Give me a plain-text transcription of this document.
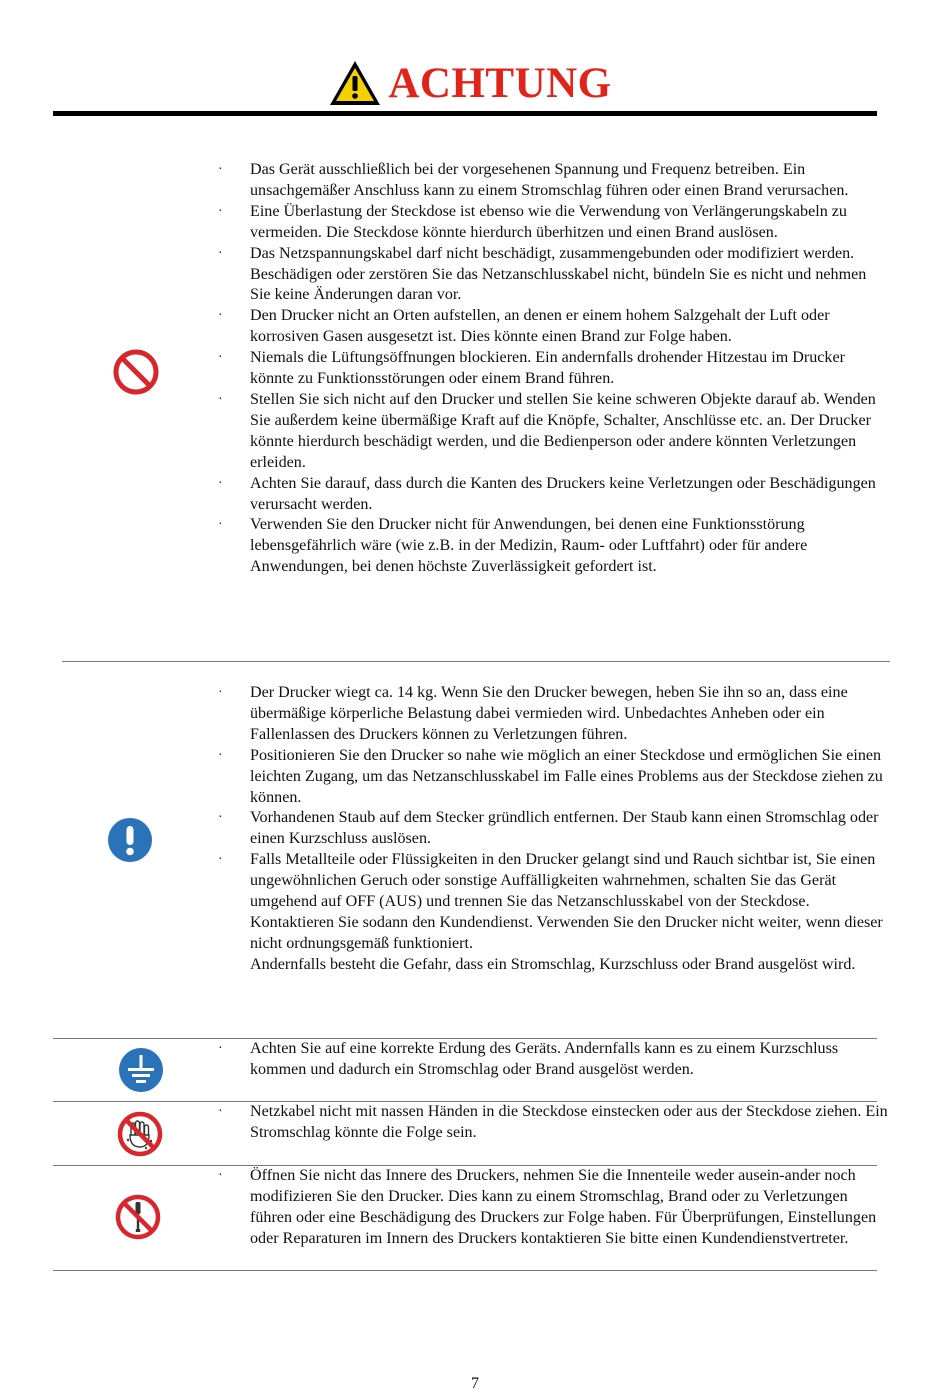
ACHTUNG
· Das Gerät ausschließlich bei der vorgesehenen Spannung und Frequenz betreiben. Ein unsachgemäßer Anschluss kann zu einem Stromschlag führen oder einen Brand verursachen.
· Eine Überlastung der Steckdose ist ebenso wie die Verwendung von Verlängerungskabeln zu vermeiden. Die Steckdose könnte hierdurch überhitzen und einen Brand auslösen.
· Das Netzspannungskabel darf nicht beschädigt, zusammengebunden oder modifiziert werden. Beschädigen oder zerstören Sie das Netzanschlusskabel nicht, bündeln Sie es nicht und nehmen Sie keine Änderungen daran vor.
· Den Drucker nicht an Orten aufstellen, an denen er einem hohem Salzgehalt der Luft oder korrosiven Gasen ausgesetzt ist. Dies könnte einen Brand zur Folge haben.
· Niemals die Lüftungsöffnungen blockieren. Ein andernfalls drohender Hitzestau im Drucker könnte zu Funktionsstörungen oder einem Brand führen.
· Stellen Sie sich nicht auf den Drucker und stellen Sie keine schweren Objekte darauf ab. Wenden Sie außerdem keine übermäßige Kraft auf die Knöpfe, Schalter, Anschlüsse etc. an. Der Drucker könnte hierdurch beschädigt werden, und die Bedienperson oder andere könnten Verletzungen erleiden.
· Achten Sie darauf, dass durch die Kanten des Druckers keine Verletzungen oder Beschädigungen verursacht werden.
· Verwenden Sie den Drucker nicht für Anwendungen, bei denen eine Funktionsstörung lebensgefährlich wäre (wie z.B. in der Medizin, Raum- oder Luftfahrt) oder für andere Anwendungen, bei denen höchste Zuverlässigkeit gefordert ist.
· Der Drucker wiegt ca. 14 kg. Wenn Sie den Drucker bewegen, heben Sie ihn so an, dass eine übermäßige körperliche Belastung dabei vermieden wird. Unbedachtes Anheben oder ein Fallenlassen des Druckers können zu Verletzungen führen.
· Positionieren Sie den Drucker so nahe wie möglich an einer Steckdose und ermöglichen Sie einen leichten Zugang, um das Netzanschlusskabel im Falle eines Problems aus der Steckdose ziehen zu können.
· Vorhandenen Staub auf dem Stecker gründlich entfernen. Der Staub kann einen Stromschlag oder einen Kurzschluss auslösen.
· Falls Metallteile oder Flüssigkeiten in den Drucker gelangt sind und Rauch sichtbar ist, Sie einen ungewöhnlichen Geruch oder sonstige Auffälligkeiten wahrnehmen, schalten Sie das Gerät umgehend auf OFF (AUS) und trennen Sie das Netzanschlusskabel von der Steckdose. Kontaktieren Sie sodann den Kundendienst. Verwenden Sie den Drucker nicht weiter, wenn dieser nicht ordnungsgemäß funktioniert.
Andernfalls besteht die Gefahr, dass ein Stromschlag, Kurzschluss oder Brand ausgelöst wird.
· Achten Sie auf eine korrekte Erdung des Geräts. Andernfalls kann es zu einem Kurzschluss kommen und dadurch ein Stromschlag oder Brand ausgelöst werden.
· Netzkabel nicht mit nassen Händen in die Steckdose einstecken oder aus der Steckdose ziehen. Ein Stromschlag könnte die Folge sein.
· Öffnen Sie nicht das Innere des Druckers, nehmen Sie die Innenteile weder ausein-ander noch modifizieren Sie den Drucker. Dies kann zu einem Stromschlag, Brand oder zu Verletzungen führen oder eine Beschädigung des Druckers zur Folge haben. Für Überprüfungen, Einstellungen oder Reparaturen im Innern des Druckers kontaktieren Sie bitte einen Kundendienstvertreter.
7
